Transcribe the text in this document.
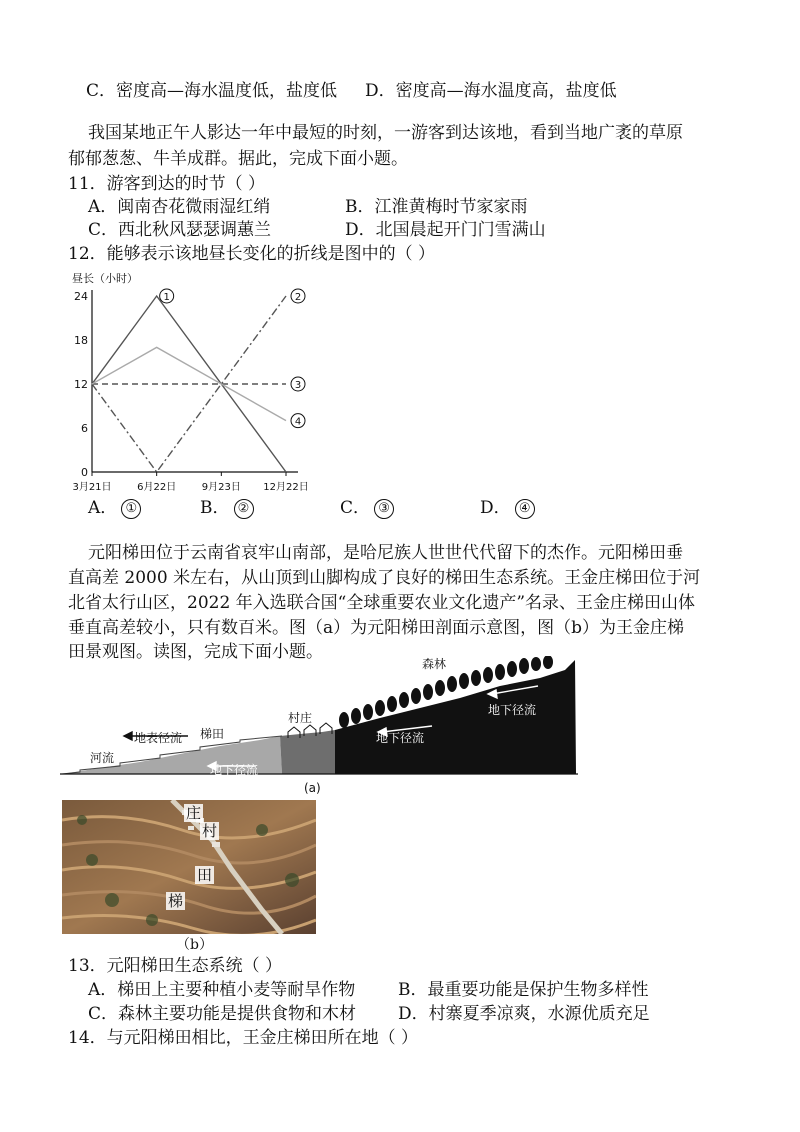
C．密度高—海水温度低，盐度低 D．密度高—海水温度高，盐度低
我国某地正午人影达一年中最短的时刻，一游客到达该地，看到当地广袤的草原
郁郁葱葱、牛羊成群。据此，完成下面小题。
11．游客到达的时节（ ）
A．闽南杏花微雨湿红绡	B．江淮黄梅时节家家雨
C．西北秋风瑟瑟调蕙兰	D．北国晨起开门门雪满山
12．能够表示该地昼长变化的折线是图中的（ ）
昼长（小时）
0
6
12
18
24
3月21日	6月22日	9月23日 12月22日
1	2
3
4
A． ①	B． ②	C． ③	D． ④
元阳梯田位于云南省哀牢山南部，是哈尼族人世世代代留下的杰作。元阳梯田垂
直高差 2000 米左右，从山顶到山脚构成了良好的梯田生态系统。王金庄梯田位于河
北省太行山区，2022 年入选联合国“全球重要农业文化遗产”名录、王金庄梯田山体
垂直高差较小，只有数百米。图（a）为元阳梯田剖面示意图，图（b）为王金庄梯
田景观图。读图，完成下面小题。
森林
地下径流
地下径流
村庄
梯田
地表径流
地下径流
河流
(a)
庄
村
田
梯
（b）
13．元阳梯田生态系统（ ）
A．梯田上主要种植小麦等耐旱作物	B．最重要功能是保护生物多样性
C．森林主要功能是提供食物和木材 D．村寨夏季凉爽，水源优质充足
14．与元阳梯田相比，王金庄梯田所在地（ ）
